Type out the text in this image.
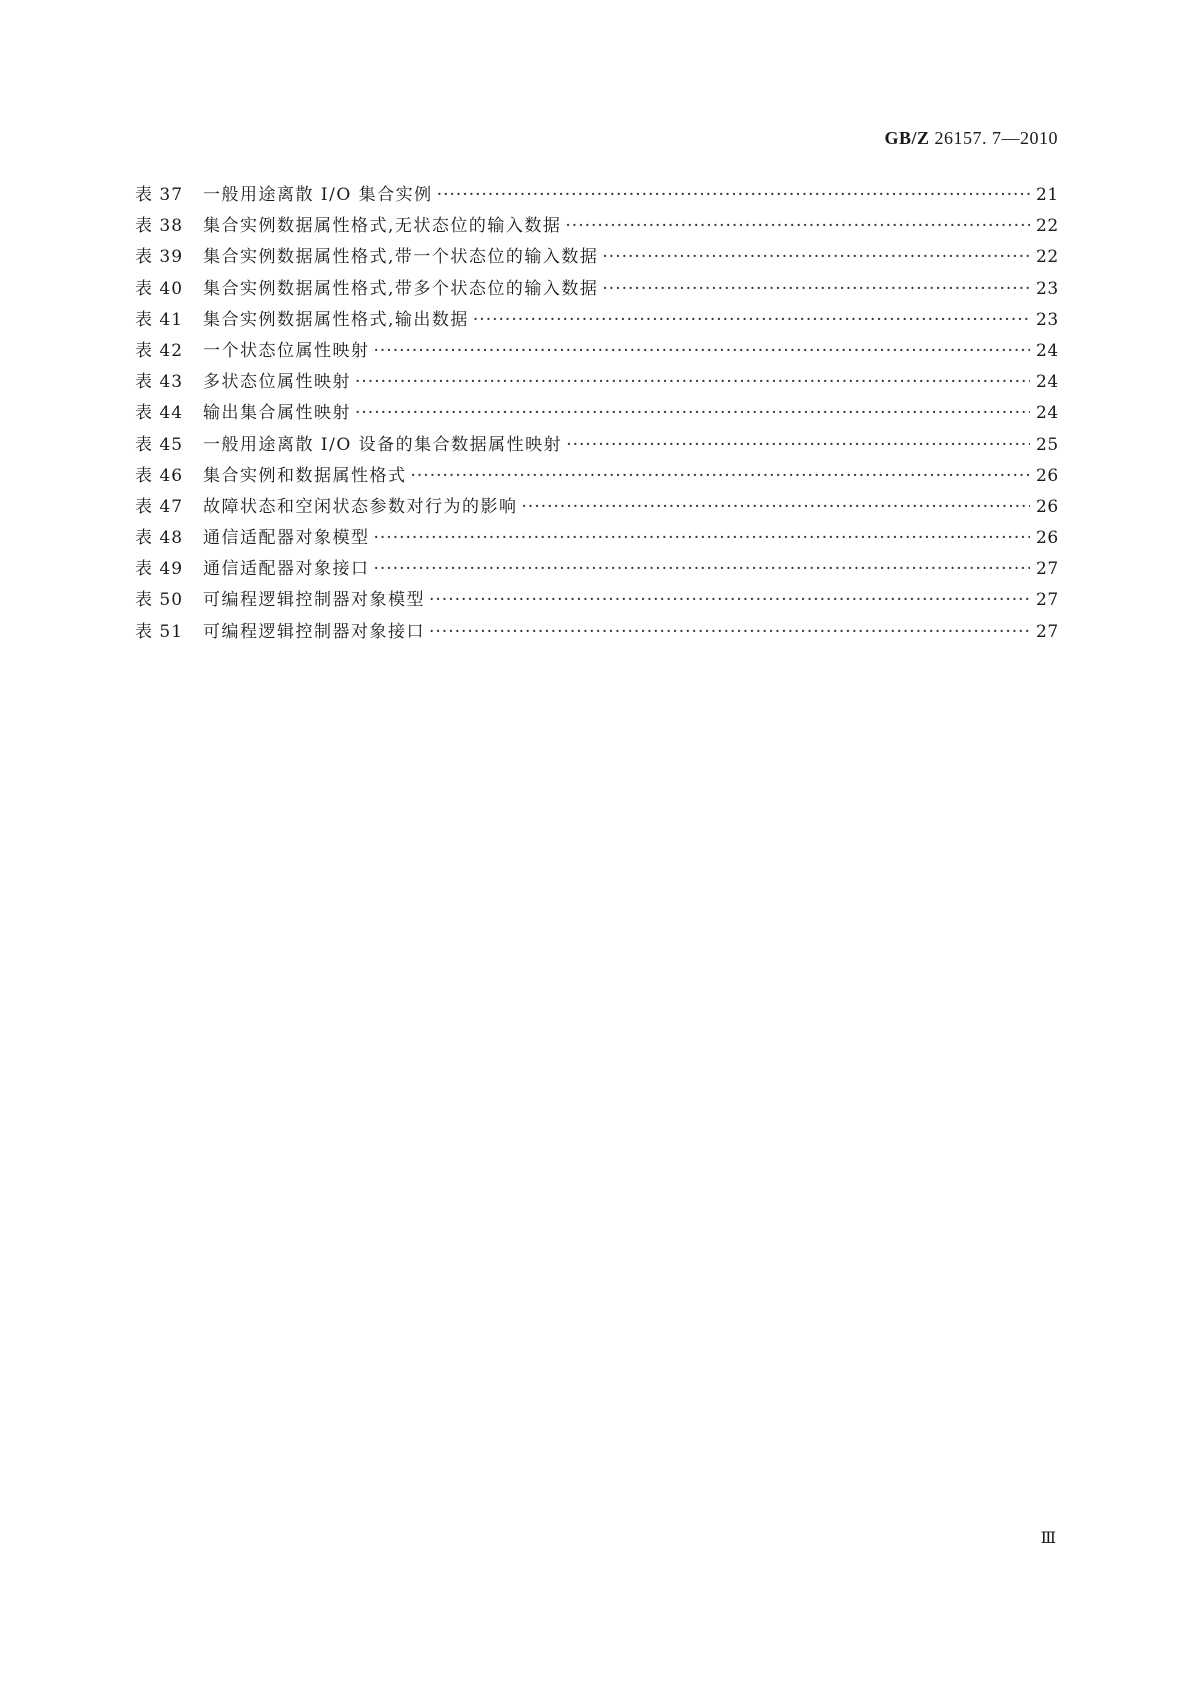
GB/Z 26157. 7—2010
表 37	一般用途离散 I/O 集合实例 ·····	21
表 38	集合实例数据属性格式,无状态位的输入数据 ·····	22
表 39	集合实例数据属性格式,带一个状态位的输入数据 ·····	22
表 40	集合实例数据属性格式,带多个状态位的输入数据 ·····	23
表 41	集合实例数据属性格式,输出数据 ·····	23
表 42	一个状态位属性映射 ·····	24
表 43	多状态位属性映射 ·····	24
表 44	输出集合属性映射 ·····	24
表 45	一般用途离散 I/O 设备的集合数据属性映射 ·····	25
表 46	集合实例和数据属性格式 ·····	26
表 47	故障状态和空闲状态参数对行为的影响 ·····	26
表 48	通信适配器对象模型 ·····	26
表 49	通信适配器对象接口 ·····	27
表 50	可编程逻辑控制器对象模型 ·····	27
表 51	可编程逻辑控制器对象接口 ·····	27
Ⅲ
